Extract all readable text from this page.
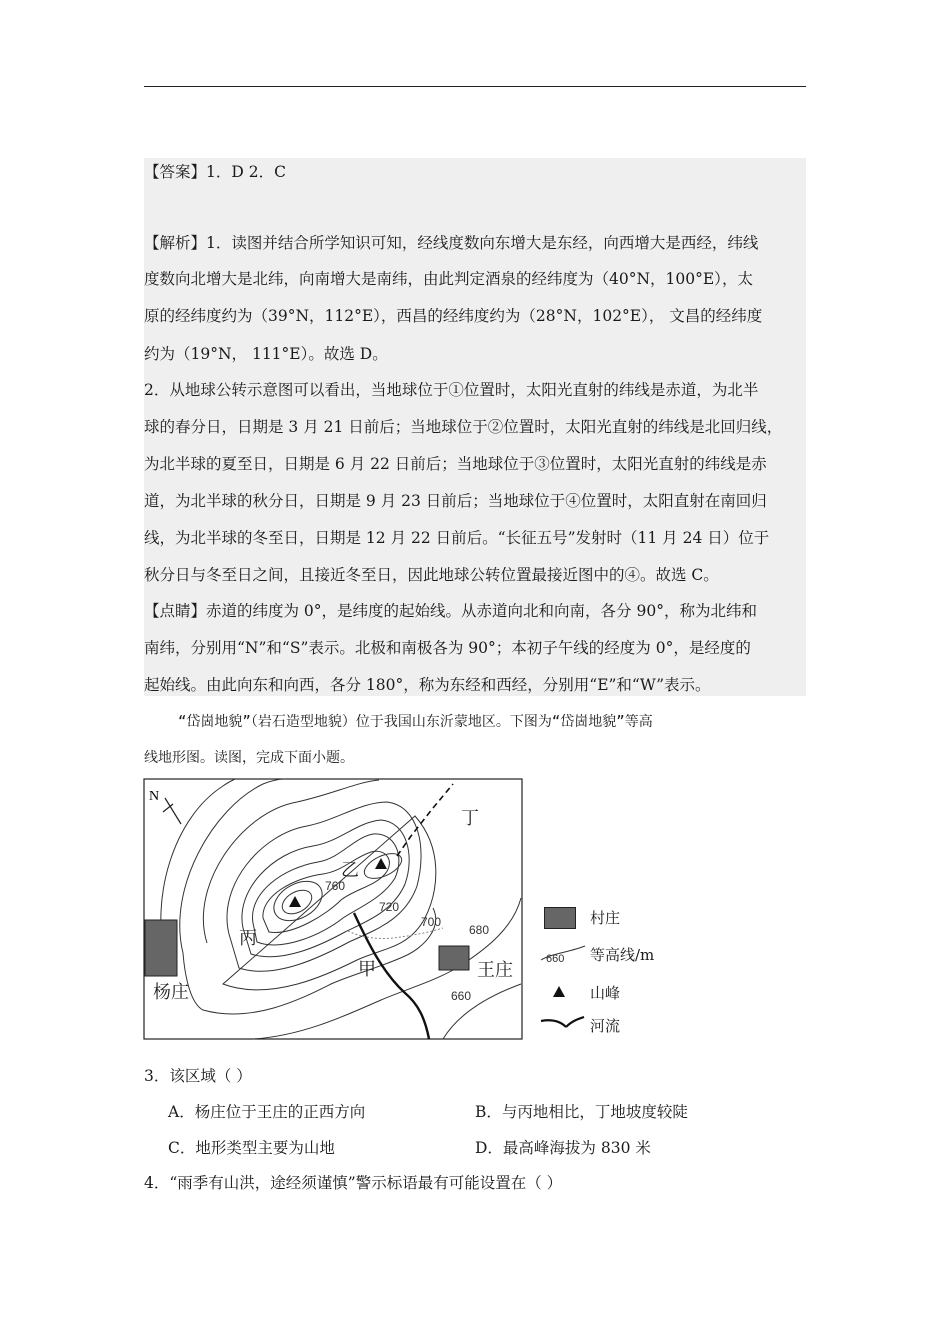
【答案】1．D 2．C
【解析】1．读图并结合所学知识可知，经线度数向东增大是东经，向西增大是西经，纬线
度数向北增大是北纬，向南增大是南纬，由此判定酒泉的经纬度为（40°N，100°E），太
原的经纬度约为（39°N，112°E），西昌的经纬度约为（28°N，102°E）， 文昌的经纬度
约为（19°N， 111°E）。故选 D。
2．从地球公转示意图可以看出，当地球位于①位置时，太阳光直射的纬线是赤道，为北半
球的春分日，日期是 3 月 21 日前后；当地球位于②位置时，太阳光直射的纬线是北回归线，
为北半球的夏至日，日期是 6 月 22 日前后；当地球位于③位置时，太阳光直射的纬线是赤
道，为北半球的秋分日，日期是 9 月 23 日前后；当地球位于④位置时，太阳直射在南回归
线，为北半球的冬至日，日期是 12 月 22 日前后。“长征五号”发射时（11 月 24 日）位于
秋分日与冬至日之间，且接近冬至日，因此地球公转位置最接近图中的④。故选 C。
【点睛】赤道的纬度为 0°，是纬度的起始线。从赤道向北和向南，各分 90°，称为北纬和
南纬，分别用“N”和“S”表示。北极和南极各为 90°；本初子午线的经度为 0°，是经度的
起始线。由此向东和向西，各分 180°，称为东经和西经，分别用“E”和“W”表示。
“岱崮地貌”（岩石造型地貌）位于我国山东沂蒙地区。下图为“岱崮地貌”等高
线地形图。读图，完成下面小题。
N
杨庄
王庄
甲
乙
丙
丁
760
720
700
680
660
村庄
660 等高线/m
山峰
河流
3．该区域（ ）
A．杨庄位于王庄的正西方向	B．与丙地相比，丁地坡度较陡
C．地形类型主要为山地	D．最高峰海拔为 830 米
4．“雨季有山洪，途经须谨慎”警示标语最有可能设置在（ ）
